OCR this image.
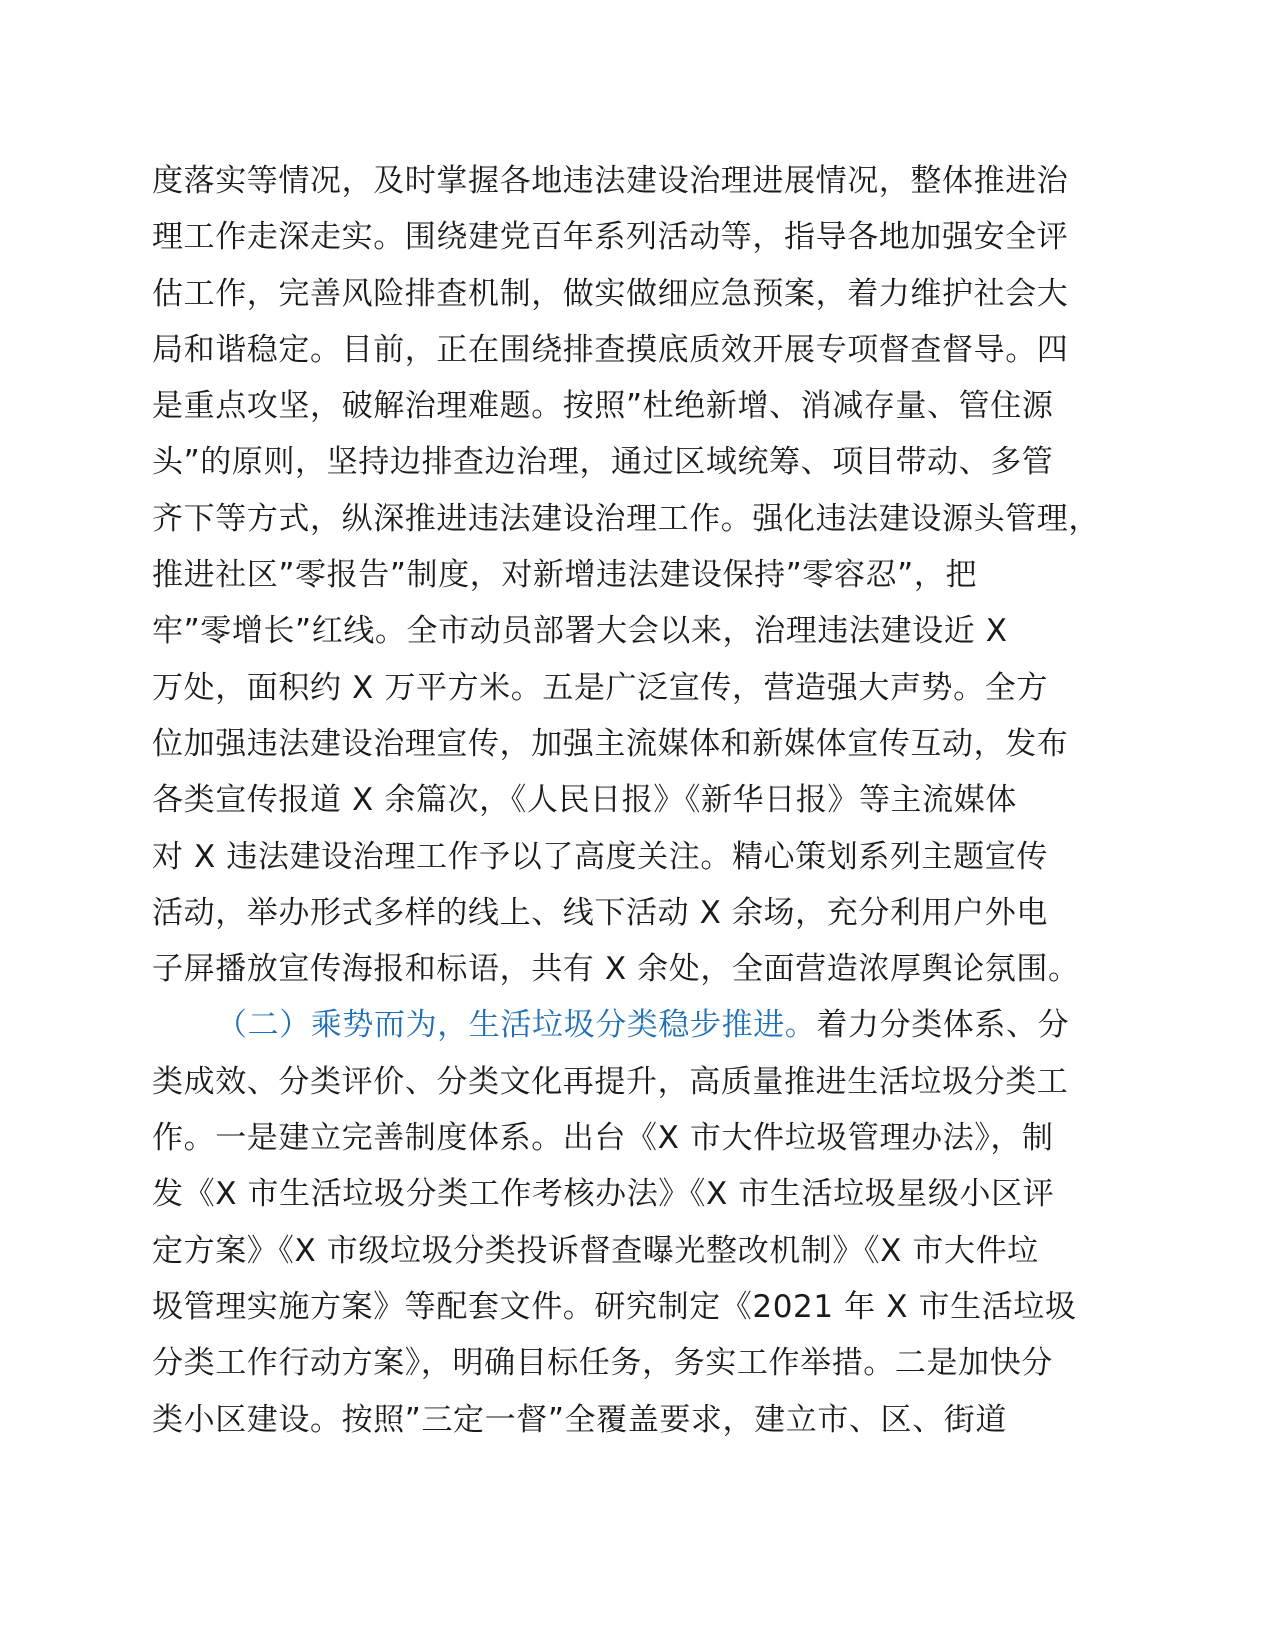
度落实等情况，及时掌握各地违法建设治理进展情况，整体推进治
理工作走深走实。围绕建党百年系列活动等，指导各地加强安全评
估工作，完善风险排查机制，做实做细应急预案，着力维护社会大
局和谐稳定。目前，正在围绕排查摸底质效开展专项督查督导。四
是重点攻坚，破解治理难题。按照”杜绝新增、消减存量、管住源
头”的原则，坚持边排查边治理，通过区域统筹、项目带动、多管
齐下等方式，纵深推进违法建设治理工作。强化违法建设源头管理，
推进社区”零报告”制度，对新增违法建设保持”零容忍”，把
牢”零增长”红线。全市动员部署大会以来，治理违法建设近 X
万处，面积约 X 万平方米。五是广泛宣传，营造强大声势。全方
位加强违法建设治理宣传，加强主流媒体和新媒体宣传互动，发布
各类宣传报道 X 余篇次，《人民日报》《新华日报》等主流媒体
对 X 违法建设治理工作予以了高度关注。精心策划系列主题宣传
活动，举办形式多样的线上、线下活动 X 余场，充分利用户外电
子屏播放宣传海报和标语，共有 X 余处，全面营造浓厚舆论氛围。
（二）乘势而为，生活垃圾分类稳步推进。着力分类体系、分
类成效、分类评价、分类文化再提升，高质量推进生活垃圾分类工
作。一是建立完善制度体系。出台《X 市大件垃圾管理办法》，制
发《X 市生活垃圾分类工作考核办法》《X 市生活垃圾星级小区评
定方案》《X 市级垃圾分类投诉督查曝光整改机制》《X 市大件垃
圾管理实施方案》等配套文件。研究制定《2021 年 X 市生活垃圾
分类工作行动方案》，明确目标任务，务实工作举措。二是加快分
类小区建设。按照”三定一督”全覆盖要求，建立市、区、街道
